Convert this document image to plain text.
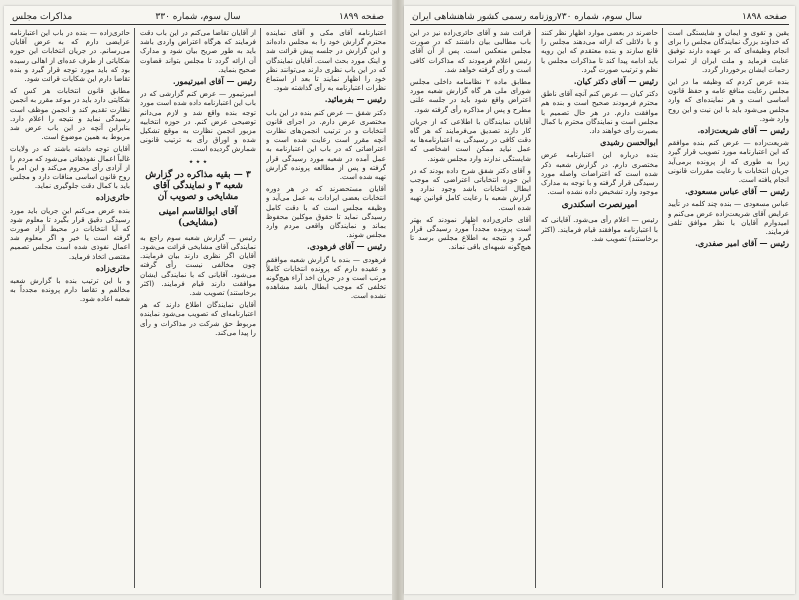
صفحه ١٨٩٩
سال سوم، شماره ٣٣٠
مذاکرات مجلس

اعتبارنامه آقای مکی و آقای نماینده محترم گزارش خود را به مجلس داده‌اند و این گزارش در جلسه پیش قرائت شد و اینک مورد بحث است. آقایان نمایندگان که در این باب نظری دارند می‌توانند نظر خود را اظهار نمایند تا بعد از استماع نظرات اعتبارنامه به رأی گذاشته شود.

رئیس — بفرمائید.

دکتر شفق — عرض کنم بنده در این باب مختصری عرض دارم. در اجرای قانون انتخابات و در ترتیب انجمن‌های نظارت آنچه مقرر است رعایت شده است و اعتراضاتی که در باب این اعتبارنامه به عمل آمده در شعبه مورد رسیدگی قرار گرفته و پس از مطالعه پرونده گزارش تهیه شده است.

آقایان مستحضرند که در هر دوره انتخابات بعضی ایرادات به عمل می‌آید و وظیفه مجلس است که با دقت کامل رسیدگی نماید تا حقوق موکلین محفوظ بماند و نمایندگان واقعی مردم وارد مجلس شوند.

رئیس — آقای فرهودی.

فرهودی — بنده با گزارش شعبه موافقم و عقیده دارم که پرونده انتخابات کاملاً مرتب است و در جریان اخذ آراء هیچ‌گونه تخلفی که موجب ابطال باشد مشاهده نشده است.

از آقایان تقاضا می‌کنم در این باب دقت فرمایند که هرگاه اعتراض واردی باشد باید به طور صریح بیان شود و مدارک آن ارائه گردد تا مجلس بتواند قضاوت صحیح بنماید.

رئیس — آقای امیرتیمور.

امیرتیمور — عرض کنم گزارشی که در باب این اعتبارنامه داده شده است مورد توجه بنده واقع شد و لازم می‌دانم توضیحی عرض کنم. در حوزه انتخابیه مزبور انجمن نظارت به موقع تشکیل شده و اوراق رأی به ترتیب قانونی شمارش گردیده است.

٭ ٭ ٭
٣ — بقیه مذاکره در گزارش شعبه ٣ و نمایندگی آقای مشایخی و تصویب آن
آقای ابوالقاسم امینی (مشایخی)

رئیس — گزارش شعبه سوم راجع به نمایندگی آقای مشایخی قرائت می‌شود. آقایان اگر نظری دارند بیان فرمایند. چون مخالفی نیست رأی گرفته می‌شود. آقایانی که با نمایندگی ایشان موافقت دارند قیام فرمایند. (اکثر برخاستند) تصویب شد.

آقایان نمایندگان اطلاع دارند که هر اعتبارنامه‌ای که تصویب می‌شود نماینده مربوط حق شرکت در مذاکرات و رأی را پیدا می‌کند.

حائری‌زاده — بنده در باب این اعتبارنامه عرایضی دارم که به عرض آقایان می‌رسانم. در جریان انتخابات این حوزه شکایاتی از طرف عده‌ای از اهالی رسیده بود که باید مورد توجه قرار گیرد و بنده تقاضا دارم این شکایات قرائت شود.

مطابق قانون انتخابات هر کس که شکایتی دارد باید در موعد مقرر به انجمن نظارت تقدیم کند و انجمن موظف است رسیدگی نماید و نتیجه را اعلام دارد. بنابراین آنچه در این باب عرض شد مربوط به همین موضوع است.

آقایان توجه داشته باشند که در ولایات غالباً اعمال نفوذهائی می‌شود که مردم را از آزادی رأی محروم می‌کند و این امر با روح قانون اساسی منافات دارد و مجلس باید با کمال دقت جلوگیری نماید.

حائری‌زاده

بنده عرض می‌کنم این جریان باید مورد رسیدگی دقیق قرار بگیرد تا معلوم شود که آیا انتخابات در محیط آزاد صورت گرفته است یا خیر و اگر معلوم شد اعمال نفوذی شده است مجلس تصمیم مقتضی اتخاذ فرماید.

حائری‌زاده

و با این ترتیب بنده با گزارش شعبه مخالفم و تقاضا دارم پرونده مجدداً به شعبه اعاده شود.

صفحه ١٨٩٨
سال سوم، شماره ٧٣٠
روزنامه رسمی کشور شاهنشاهی ایران

یقین و تقوی و ایمان و شایستگی است که خداوند بزرگ نمایندگان مجلس را برای انجام وظیفه‌ای که بر عهده دارند توفیق عنایت فرماید و ملت ایران از ثمرات زحمات ایشان برخوردار گردد.

بنده عرض کردم که وظیفه ما در این مجلس رعایت منافع عامه و حفظ قانون اساسی است و هر نماینده‌ای که وارد مجلس می‌شود باید با این نیت و این روح وارد شود.

رئیس — آقای شریعت‌زاده.

شریعت‌زاده — عرض کنم بنده موافقم که این اعتبارنامه مورد تصویب قرار گیرد زیرا به طوری که از پرونده برمی‌آید جریان انتخابات با رعایت مقررات قانونی انجام یافته است.

رئیس — آقای عباس مسعودی.

عباس مسعودی — بنده چند کلمه در تأیید عرایض آقای شریعت‌زاده عرض می‌کنم و امیدوارم آقایان با نظر موافق تلقی فرمایند.

رئیس — آقای امیر صفدری.

حاضرند در بعضی موارد اظهار نظر کنند و با دلائلی که ارائه می‌دهند مجلس را قانع سازند و بنده معتقدم که این رویه باید ادامه پیدا کند تا مذاکرات مجلس با نظم و ترتیب صورت گیرد.

رئیس — آقای دکتر کیان.

دکتر کیان — عرض کنم آنچه آقای ناطق محترم فرمودند صحیح است و بنده هم موافقت دارم. در هر حال تصمیم با مجلس است و نمایندگان محترم با کمال بصیرت رأی خواهند داد.

ابوالحسن رشیدی

بنده درباره این اعتبارنامه عرض مختصری دارم. در گزارش شعبه ذکر شده است که اعتراضات واصله مورد رسیدگی قرار گرفته و با توجه به مدارک موجود وارد تشخیص داده نشده است.

امیرنصرت اسکندری

رئیس — اعلام رأی می‌شود. آقایانی که با اعتبارنامه موافقند قیام فرمایند. (اکثر برخاستند) تصویب شد.

قرائت شد و آقای حائری‌زاده نیز در این باب مطالبی بیان داشتند که در صورت مجلس منعکس است. پس از آن آقای رئیس اعلام فرمودند که مذاکرات کافی است و رأی گرفته خواهد شد.

مطابق ماده ٢ نظامنامه داخلی مجلس شورای ملی هر گاه گزارش شعبه مورد اعتراض واقع شود باید در جلسه علنی مطرح و پس از مذاکره رأی گرفته شود.

آقایان نمایندگان با اطلاعی که از جریان کار دارند تصدیق می‌فرمایند که هر گاه دقت کافی در رسیدگی به اعتبارنامه‌ها به عمل نیاید ممکن است اشخاصی که شایستگی ندارند وارد مجلس شوند.

و آقای دکتر شفق شرح داده بودند که در این حوزه انتخاباتی اعتراضی که موجب ابطال انتخابات باشد وجود ندارد و گزارش شعبه با رعایت کامل قوانین تهیه شده است.

آقای حائری‌زاده اظهار نمودند که بهتر است پرونده مجدداً مورد رسیدگی قرار گیرد و نتیجه به اطلاع مجلس برسد تا هیچ‌گونه شبهه‌ای باقی نماند.
